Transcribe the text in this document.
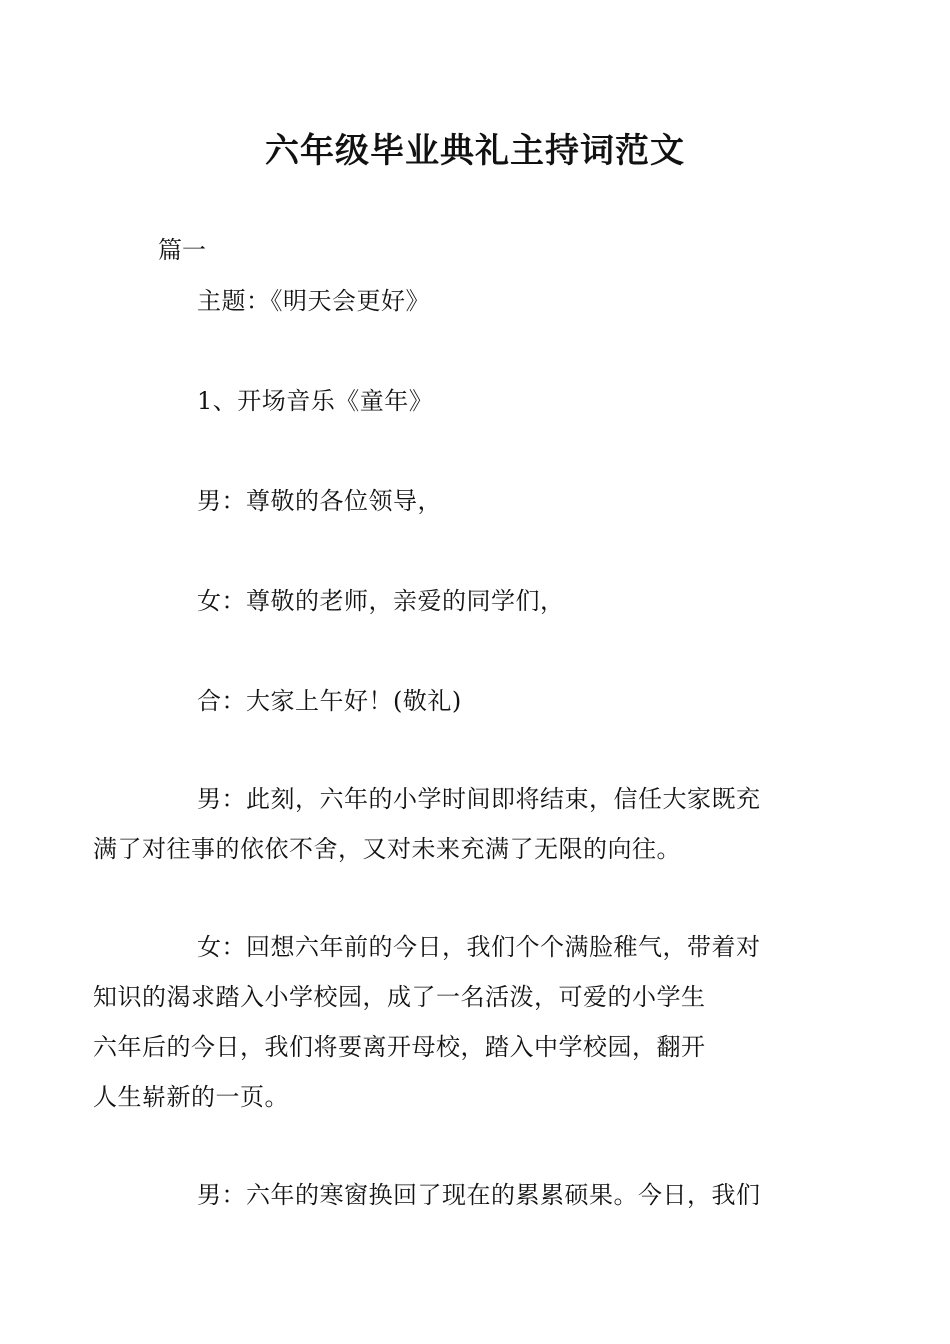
六年级毕业典礼主持词范文
篇一
主题：《明天会更好》
1、开场音乐《童年》
男：尊敬的各位领导，
女：尊敬的老师，亲爱的同学们，
合：大家上午好！(敬礼)
男：此刻，六年的小学时间即将结束，信任大家既充
满了对往事的依依不舍，又对未来充满了无限的向往。
女：回想六年前的今日，我们个个满脸稚气，带着对
知识的渴求踏入小学校园，成了一名活泼，可爱的小学生
六年后的今日，我们将要离开母校，踏入中学校园，翻开
人生崭新的一页。
男：六年的寒窗换回了现在的累累硕果。今日，我们
